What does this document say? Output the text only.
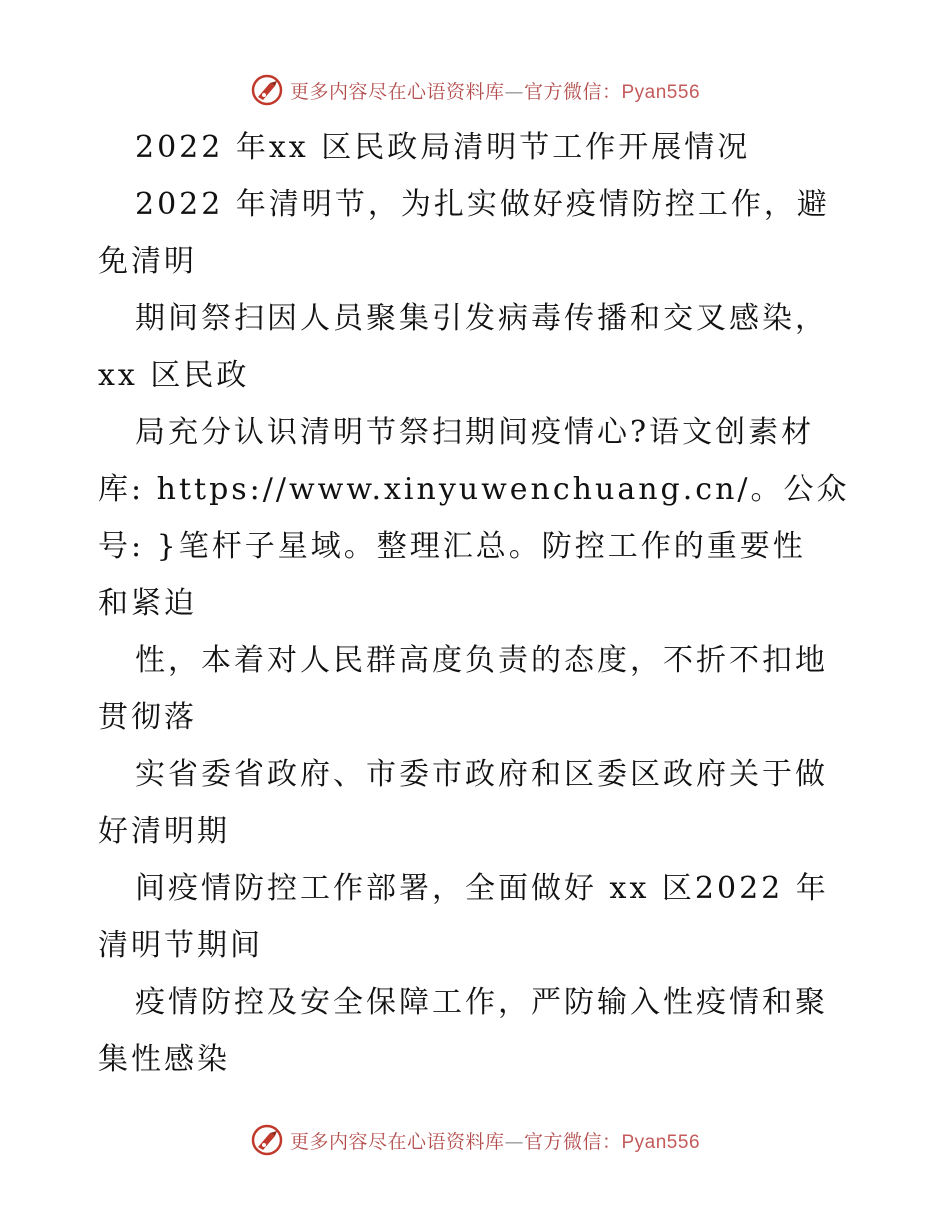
更多内容尽在心语资料库—官方微信：Pyan556
2022 年xx 区民政局清明节工作开展情况
2022 年清明节，为扎实做好疫情防控工作，避
免清明
期间祭扫因人员聚集引发病毒传播和交叉感染，
xx 区民政
局充分认识清明节祭扫期间疫情心?语文创素材
库: https://www.xinyuwenchuang.cn/。公众
号: }笔杆子星域。整理汇总。防控工作的重要性
和紧迫
性，本着对人民群高度负责的态度，不折不扣地
贯彻落
实省委省政府、市委市政府和区委区政府关于做
好清明期
间疫情防控工作部署，全面做好 xx 区2022 年
清明节期间
疫情防控及安全保障工作，严防输入性疫情和聚
集性感染
更多内容尽在心语资料库—官方微信：Pyan556
